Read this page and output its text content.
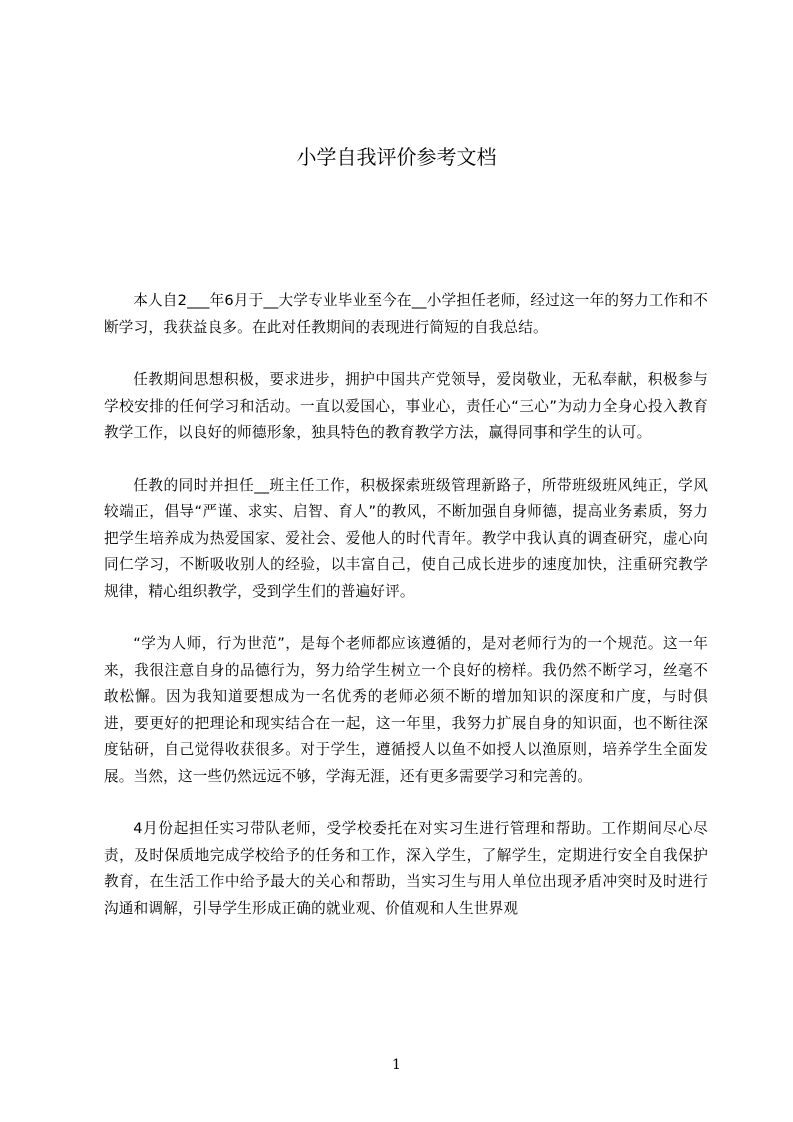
小学自我评价参考文档

本人自2___年6月于__大学专业毕业至今在__小学担任老师，经过这一年的努力工作和不断学习，我获益良多。在此对任教期间的表现进行简短的自我总结。

任教期间思想积极，要求进步，拥护中国共产党领导，爱岗敬业，无私奉献，积极参与学校安排的任何学习和活动。一直以爱国心，事业心，责任心“三心”为动力全身心投入教育教学工作，以良好的师德形象，独具特色的教育教学方法，赢得同事和学生的认可。

任教的同时并担任__班主任工作，积极探索班级管理新路子，所带班级班风纯正，学风较端正，倡导“严谨、求实、启智、育人”的教风，不断加强自身师德，提高业务素质，努力把学生培养成为热爱国家、爱社会、爱他人的时代青年。教学中我认真的调查研究，虚心向同仁学习，不断吸收别人的经验，以丰富自己，使自己成长进步的速度加快，注重研究教学规律，精心组织教学，受到学生们的普遍好评。

“学为人师，行为世范”，是每个老师都应该遵循的，是对老师行为的一个规范。这一年来，我很注意自身的品德行为，努力给学生树立一个良好的榜样。我仍然不断学习，丝毫不敢松懈。因为我知道要想成为一名优秀的老师必须不断的增加知识的深度和广度，与时俱进，要更好的把理论和现实结合在一起，这一年里，我努力扩展自身的知识面，也不断往深度钻研，自己觉得收获很多。对于学生，遵循授人以鱼不如授人以渔原则，培养学生全面发展。当然，这一些仍然远远不够，学海无涯，还有更多需要学习和完善的。

4月份起担任实习带队老师，受学校委托在对实习生进行管理和帮助。工作期间尽心尽责，及时保质地完成学校给予的任务和工作，深入学生，了解学生，定期进行安全自我保护教育，在生活工作中给予最大的关心和帮助，当实习生与用人单位出现矛盾冲突时及时进行沟通和调解，引导学生形成正确的就业观、价值观和人生世界观

1
